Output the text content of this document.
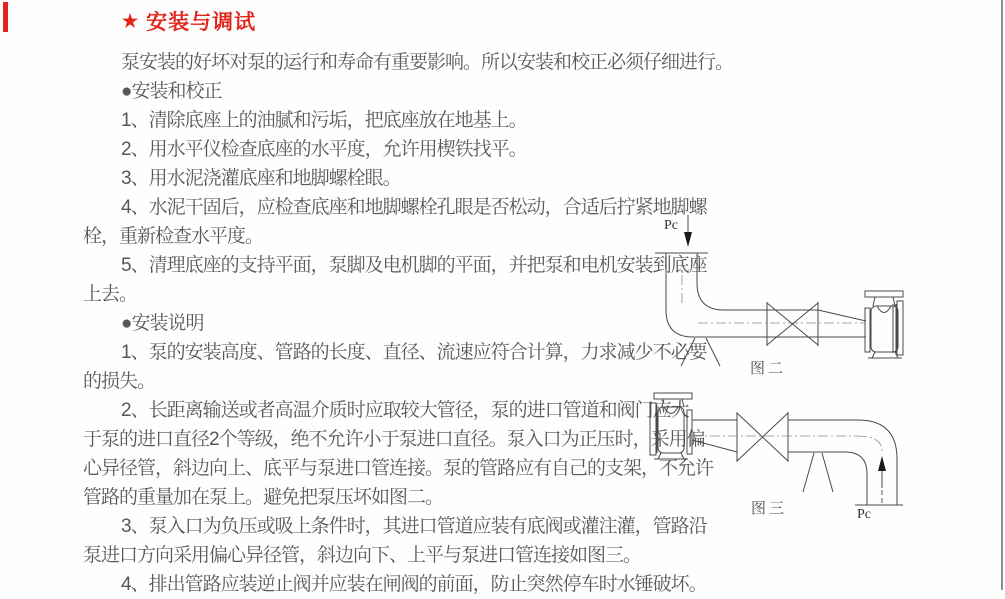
★ 安装与调试
泵安装的好坏对泵的运行和寿命有重要影响。所以安装和校正必须仔细进行。
●安装和校正
1、清除底座上的油腻和污垢，把底座放在地基上。
2、用水平仪检查底座的水平度，允许用楔铁找平。
3、用水泥浇灌底座和地脚螺栓眼。
4、水泥干固后，应检查底座和地脚螺栓孔眼是否松动，合适后拧紧地脚螺
栓，重新检查水平度。
5、清理底座的支持平面，泵脚及电机脚的平面，并把泵和电机安装到底座
上去。
●安装说明
1、泵的安装高度、管路的长度、直径、流速应符合计算，力求减少不必要
的损失。
2、长距离输送或者高温介质时应取较大管径，泵的进口管道和阀门应大
于泵的进口直径2个等级，绝不允许小于泵进口直径。泵入口为正压时，采用偏
心异径管，斜边向上、底平与泵进口管连接。泵的管路应有自己的支架，不允许
管路的重量加在泵上。避免把泵压坏如图二。
3、泵入口为负压或吸上条件时，其进口管道应装有底阀或灌注灌，管路沿
泵进口方向采用偏心异径管，斜边向下、上平与泵进口管连接如图三。
4、排出管路应装逆止阀并应装在闸阀的前面，防止突然停车时水锤破坏。
Pc
图二
Pc
图三
